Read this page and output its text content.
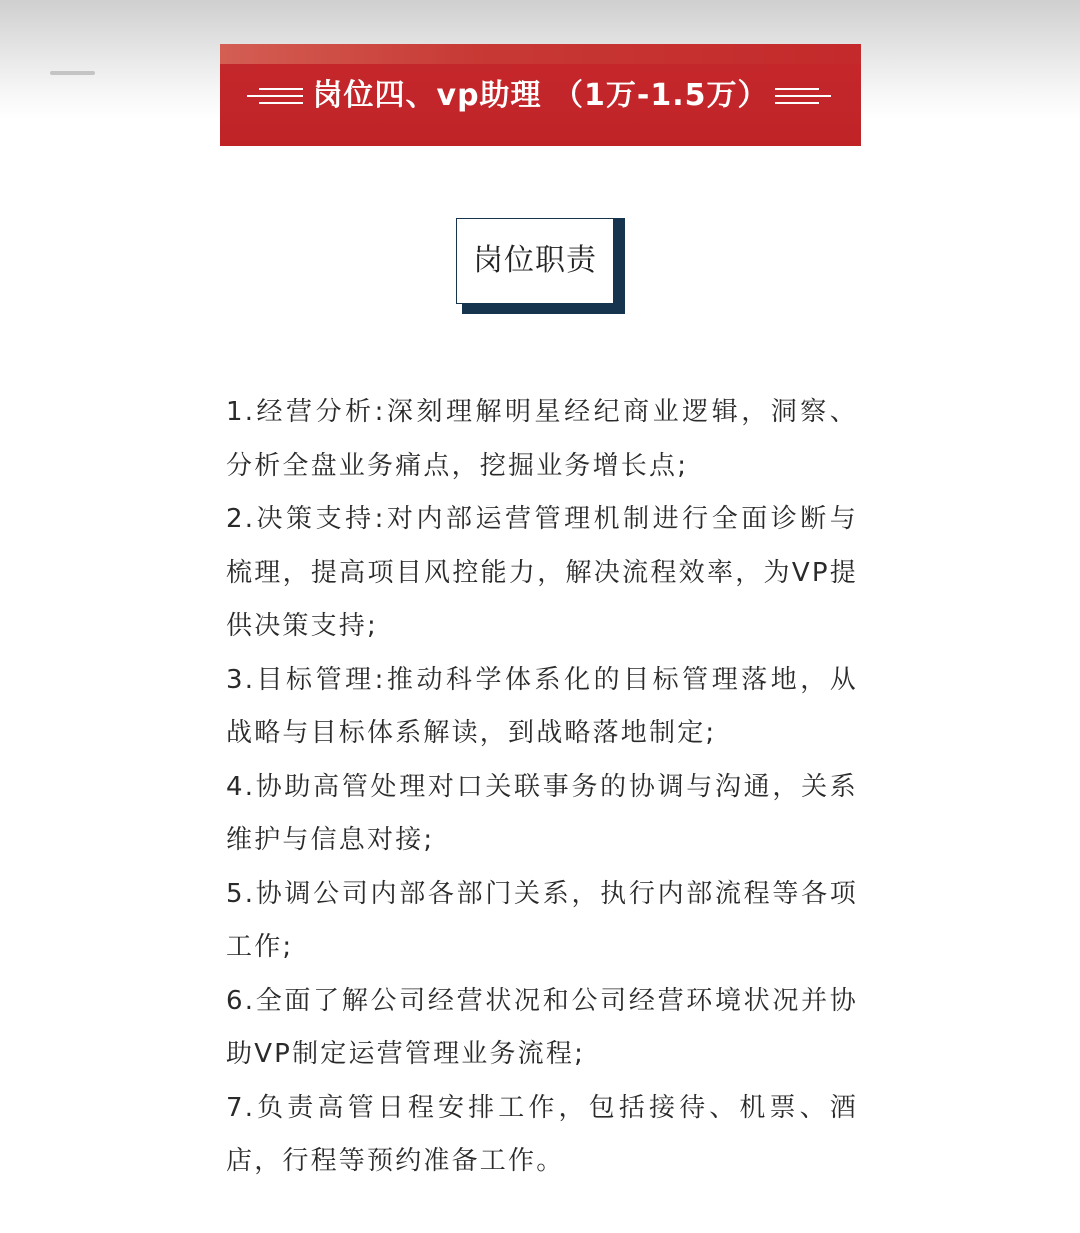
岗位四、vp助理 （1万-1.5万）
岗位职责
1.经营分析:深刻理解明星经纪商业逻辑，洞察、分析全盘业务痛点，挖掘业务增长点;
2.决策支持:对内部运营管理机制进行全面诊断与梳理，提高项目风控能力，解决流程效率，为VP提供决策支持;
3.目标管理:推动科学体系化的目标管理落地，从战略与目标体系解读，到战略落地制定;
4.协助高管处理对口关联事务的协调与沟通，关系维护与信息对接;
5.协调公司内部各部门关系，执行内部流程等各项工作;
6.全面了解公司经营状况和公司经营环境状况并协助VP制定运营管理业务流程;
7.负责高管日程安排工作，包括接待、机票、酒店，行程等预约准备工作。
